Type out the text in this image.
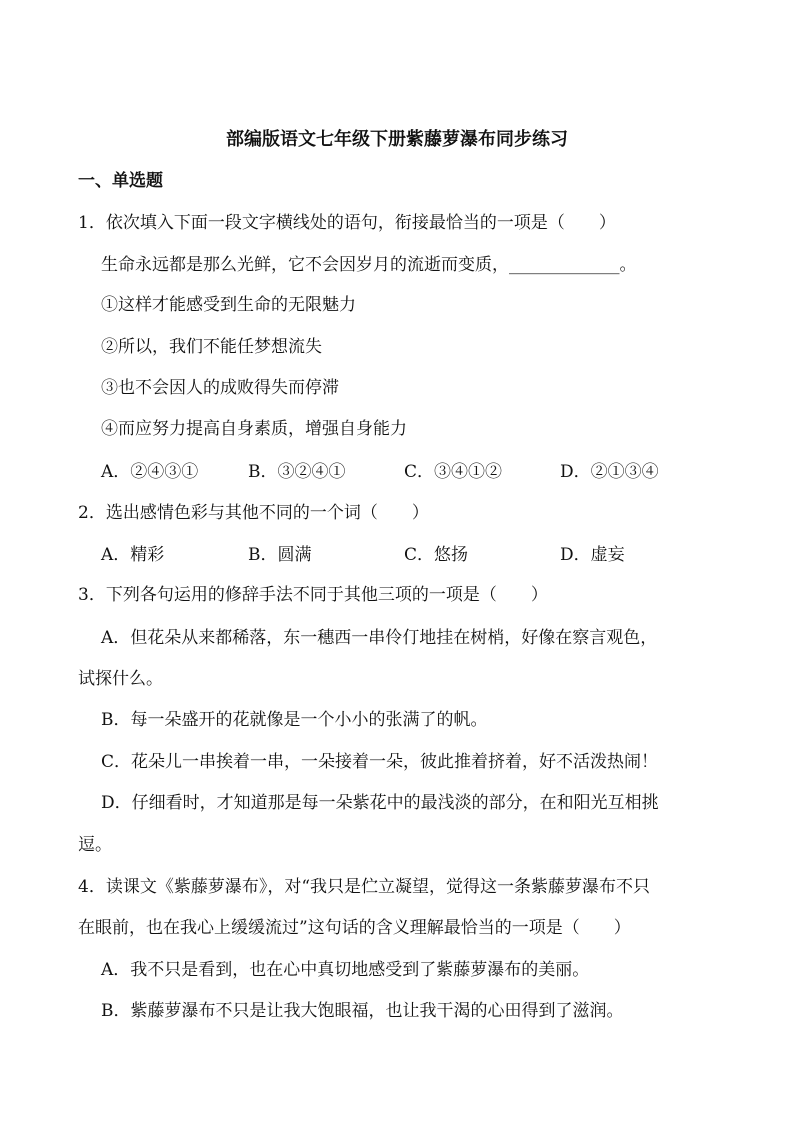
部编版语文七年级下册紫藤萝瀑布同步练习
一、单选题
1．依次填入下面一段文字横线处的语句，衔接最恰当的一项是（　　）
生命永远都是那么光鲜，它不会因岁月的流逝而变质，_____________。
①这样才能感受到生命的无限魅力
②所以，我们不能任梦想流失
③也不会因人的成败得失而停滞
④而应努力提高自身素质，增强自身能力
A．②④③①	B．③②④①	C．③④①②	D．②①③④
2．选出感情色彩与其他不同的一个词（　　）
A．精彩	B．圆满	C．悠扬	D．虚妄
3．下列各句运用的修辞手法不同于其他三项的一项是（　　）
A．但花朵从来都稀落，东一穗西一串伶仃地挂在树梢，好像在察言观色，
试探什么。
B．每一朵盛开的花就像是一个小小的张满了的帆。
C．花朵儿一串挨着一串，一朵接着一朵，彼此推着挤着，好不活泼热闹！
D．仔细看时，才知道那是每一朵紫花中的最浅淡的部分，在和阳光互相挑
逗。
4．读课文《紫藤萝瀑布》，对“我只是伫立凝望，觉得这一条紫藤萝瀑布不只
在眼前，也在我心上缓缓流过”这句话的含义理解最恰当的一项是（　　）
A．我不只是看到，也在心中真切地感受到了紫藤萝瀑布的美丽。
B．紫藤萝瀑布不只是让我大饱眼福，也让我干渴的心田得到了滋润。
